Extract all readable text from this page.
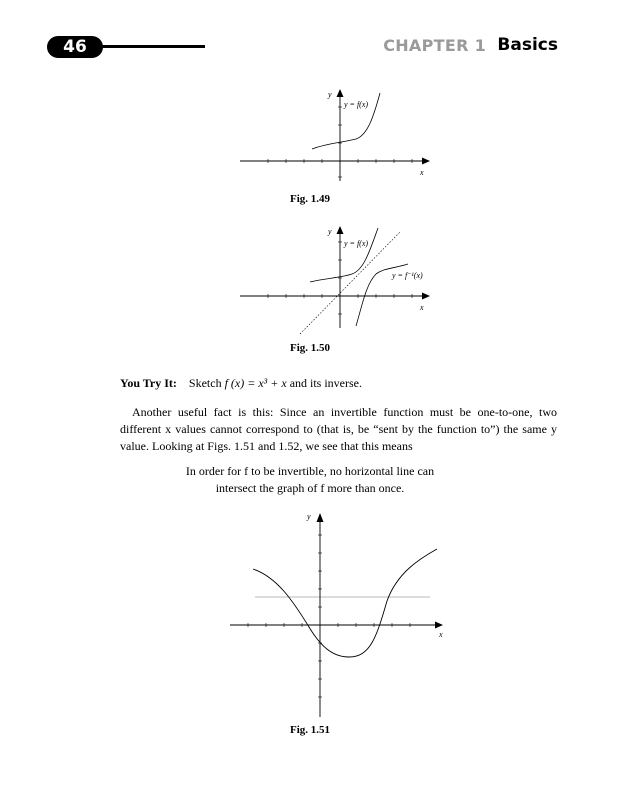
46	CHAPTER 1 Basics
y
x
y = f(x)
Fig. 1.49
y
x
y = f(x)
y = f⁻¹(x)
Fig. 1.50
You Try It: Sketch f (x) = x³ + x and its inverse.
Another useful fact is this: Since an invertible function must be one-to-one, two different x values cannot correspond to (that is, be “sent by the function to”) the same y value. Looking at Figs. 1.51 and 1.52, we see that this means
In order for f to be invertible, no horizontal line can
intersect the graph of f more than once.
y
x
Fig. 1.51
